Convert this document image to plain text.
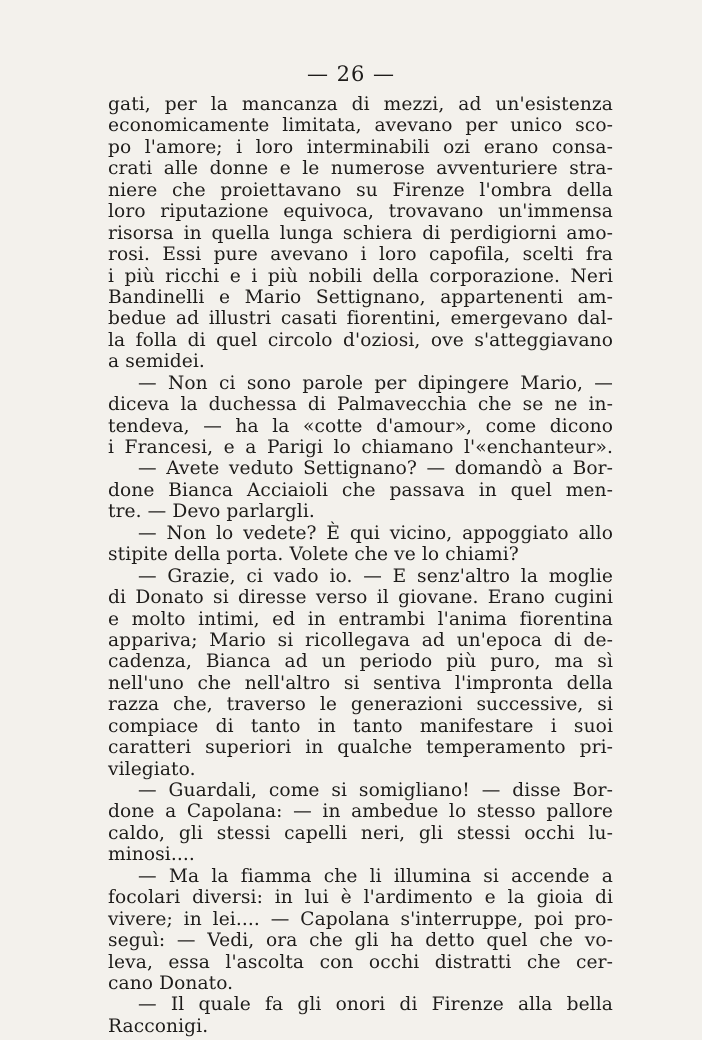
— 26 —
gati, per la mancanza di mezzi, ad un'esistenza
economicamente limitata, avevano per unico sco-
po l'amore; i loro interminabili ozi erano consa-
crati alle donne e le numerose avventuriere stra-
niere che proiettavano su Firenze l'ombra della
loro riputazione equivoca, trovavano un'immensa
risorsa in quella lunga schiera di perdigiorni amo-
rosi. Essi pure avevano i loro capofila, scelti fra
i più ricchi e i più nobili della corporazione. Neri
Bandinelli e Mario Settignano, appartenenti am-
bedue ad illustri casati fiorentini, emergevano dal-
la folla di quel circolo d'oziosi, ove s'atteggiavano
a semidei.
— Non ci sono parole per dipingere Mario, —
diceva la duchessa di Palmavecchia che se ne in-
tendeva, — ha la «cotte d'amour», come dicono
i Francesi, e a Parigi lo chiamano l'«enchanteur».
— Avete veduto Settignano? — domandò a Bor-
done Bianca Acciaioli che passava in quel men-
tre. — Devo parlargli.
— Non lo vedete? È qui vicino, appoggiato allo
stipite della porta. Volete che ve lo chiami?
— Grazie, ci vado io. — E senz'altro la moglie
di Donato si diresse verso il giovane. Erano cugini
e molto intimi, ed in entrambi l'anima fiorentina
appariva; Mario si ricollegava ad un'epoca di de-
cadenza, Bianca ad un periodo più puro, ma sì
nell'uno che nell'altro si sentiva l'impronta della
razza che, traverso le generazioni successive, si
compiace di tanto in tanto manifestare i suoi
caratteri superiori in qualche temperamento pri-
vilegiato.
— Guardali, come si somigliano! — disse Bor-
done a Capolana: — in ambedue lo stesso pallore
caldo, gli stessi capelli neri, gli stessi occhi lu-
minosi....
— Ma la fiamma che li illumina si accende a
focolari diversi: in lui è l'ardimento e la gioia di
vivere; in lei.... — Capolana s'interruppe, poi pro-
seguì: — Vedi, ora che gli ha detto quel che vo-
leva, essa l'ascolta con occhi distratti che cer-
cano Donato.
— Il quale fa gli onori di Firenze alla bella
Racconigi.
